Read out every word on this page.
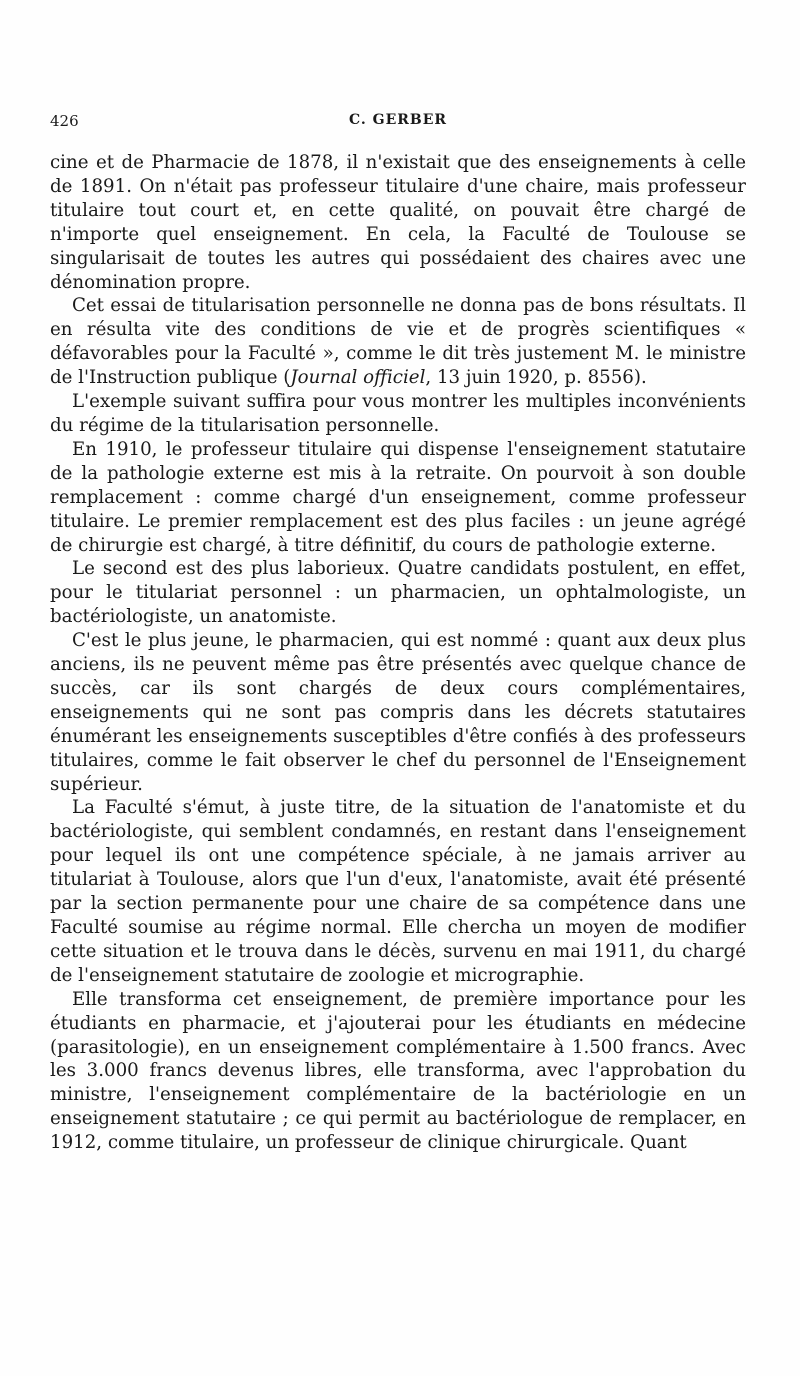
426	C. GERBER

cine et de Pharmacie de 1878, il n'existait que des enseignements à celle de 1891. On n'était pas professeur titulaire d'une chaire, mais professeur titulaire tout court et, en cette qualité, on pouvait être chargé de n'importe quel enseignement. En cela, la Faculté de Toulouse se singularisait de toutes les autres qui possédaient des chaires avec une dénomination propre.

Cet essai de titularisation personnelle ne donna pas de bons résultats. Il en résulta vite des conditions de vie et de progrès scientifiques « défavorables pour la Faculté », comme le dit très justement M. le ministre de l'Instruction publique (Journal officiel, 13 juin 1920, p. 8556).

L'exemple suivant suffira pour vous montrer les multiples inconvénients du régime de la titularisation personnelle.

En 1910, le professeur titulaire qui dispense l'enseignement statutaire de la pathologie externe est mis à la retraite. On pourvoit à son double remplacement : comme chargé d'un enseignement, comme professeur titulaire. Le premier remplacement est des plus faciles : un jeune agrégé de chirurgie est chargé, à titre définitif, du cours de pathologie externe.

Le second est des plus laborieux. Quatre candidats postulent, en effet, pour le titulariat personnel : un pharmacien, un ophtalmologiste, un bactériologiste, un anatomiste.

C'est le plus jeune, le pharmacien, qui est nommé : quant aux deux plus anciens, ils ne peuvent même pas être présentés avec quelque chance de succès, car ils sont chargés de deux cours complémentaires, enseignements qui ne sont pas compris dans les décrets statutaires énumérant les enseignements susceptibles d'être confiés à des professeurs titulaires, comme le fait observer le chef du personnel de l'Enseignement supérieur.

La Faculté s'émut, à juste titre, de la situation de l'anatomiste et du bactériologiste, qui semblent condamnés, en restant dans l'enseignement pour lequel ils ont une compétence spéciale, à ne jamais arriver au titulariat à Toulouse, alors que l'un d'eux, l'anatomiste, avait été présenté par la section permanente pour une chaire de sa compétence dans une Faculté soumise au régime normal. Elle chercha un moyen de modifier cette situation et le trouva dans le décès, survenu en mai 1911, du chargé de l'enseignement statutaire de zoologie et micrographie.

Elle transforma cet enseignement, de première importance pour les étudiants en pharmacie, et j'ajouterai pour les étudiants en médecine (parasitologie), en un enseignement complémentaire à 1.500 francs. Avec les 3.000 francs devenus libres, elle transforma, avec l'approbation du ministre, l'enseignement complémentaire de la bactériologie en un enseignement statutaire ; ce qui permit au bactériologue de remplacer, en 1912, comme titulaire, un professeur de clinique chirurgicale. Quant
